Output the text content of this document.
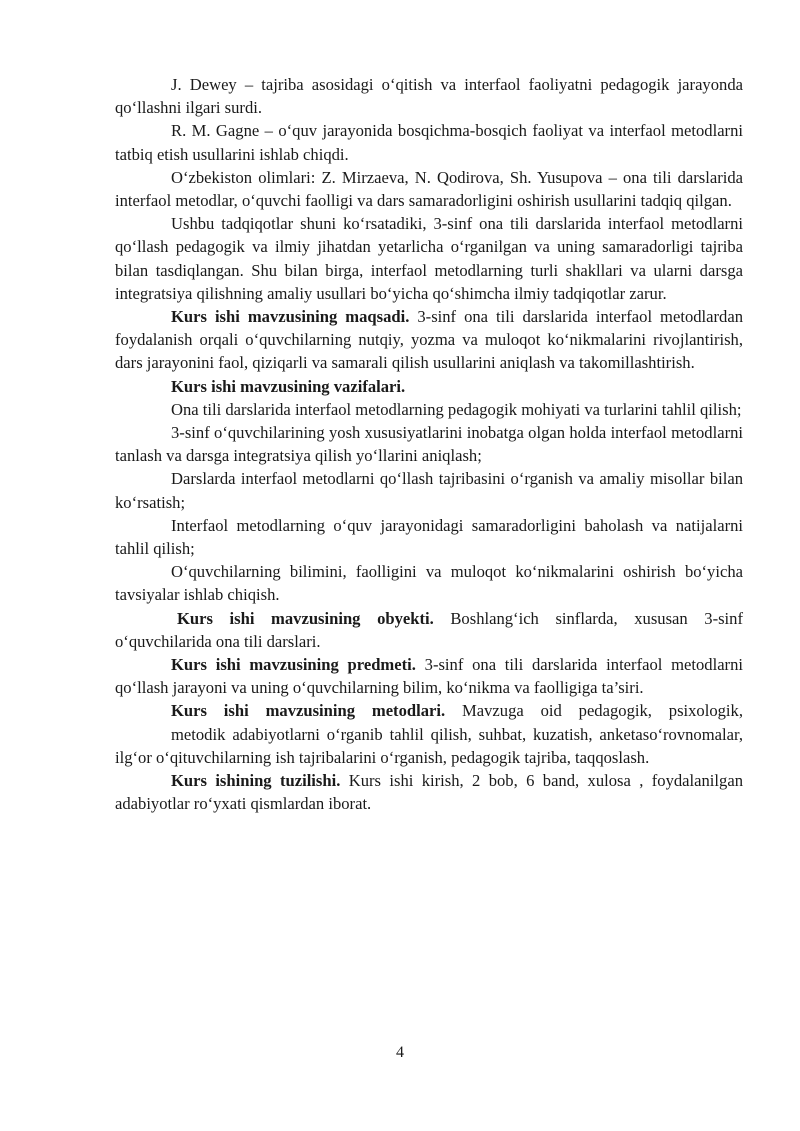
J. Dewey – tajriba asosidagi o‘qitish va interfaol faoliyatni pedagogik jarayonda qo‘llashni ilgari surdi.

R. M. Gagne – o‘quv jarayonida bosqichma-bosqich faoliyat va interfaol metodlarni tatbiq etish usullarini ishlab chiqdi.

O‘zbekiston olimlari: Z. Mirzaeva, N. Qodirova, Sh. Yusupova – ona tili darslarida interfaol metodlar, o‘quvchi faolligi va dars samaradorligini oshirish usullarini tadqiq qilgan.

Ushbu tadqiqotlar shuni ko‘rsatadiki, 3-sinf ona tili darslarida interfaol metodlarni qo‘llash pedagogik va ilmiy jihatdan yetarlicha o‘rganilgan va uning samaradorligi tajriba bilan tasdiqlangan. Shu bilan birga, interfaol metodlarning turli shakllari va ularni darsga integratsiya qilishning amaliy usullari bo‘yicha qo‘shimcha ilmiy tadqiqotlar zarur.

Kurs ishi mavzusining maqsadi. 3-sinf ona tili darslarida interfaol metodlardan foydalanish orqali o‘quvchilarning nutqiy, yozma va muloqot ko‘nikmalarini rivojlantirish, dars jarayonini faol, qiziqarli va samarali qilish usullarini aniqlash va takomillashtirish.

Kurs ishi mavzusining vazifalari.

Ona tili darslarida interfaol metodlarning pedagogik mohiyati va turlarini tahlil qilish;

3-sinf o‘quvchilarining yosh xususiyatlarini inobatga olgan holda interfaol metodlarni tanlash va darsga integratsiya qilish yo‘llarini aniqlash;

Darslarda interfaol metodlarni qo‘llash tajribasini o‘rganish va amaliy misollar bilan ko‘rsatish;

Interfaol metodlarning o‘quv jarayonidagi samaradorligini baholash va natijalarni tahlil qilish;

O‘quvchilarning bilimini, faolligini va muloqot ko‘nikmalarini oshirish bo‘yicha tavsiyalar ishlab chiqish.

Kurs ishi mavzusining obyekti. Boshlang‘ich sinflarda, xususan 3-sinf o‘quvchilarida ona tili darslari.

Kurs ishi mavzusining predmeti. 3-sinf ona tili darslarida interfaol metodlarni qo‘llash jarayoni va uning o‘quvchilarning bilim, ko‘nikma va faolligiga ta’siri.

Kurs ishi mavzusining metodlari. Mavzuga oid pedagogik, psixologik,

metodik adabiyotlarni o‘rganib tahlil qilish, suhbat, kuzatish, anketaso‘rovnomalar, ilg‘or o‘qituvchilarning ish tajribalarini o‘rganish, pedagogik tajriba, taqqoslash.

Kurs ishining tuzilishi. Kurs ishi kirish, 2 bob, 6 band, xulosa , foydalanilgan adabiyotlar ro‘yxati qismlardan iborat.

4
